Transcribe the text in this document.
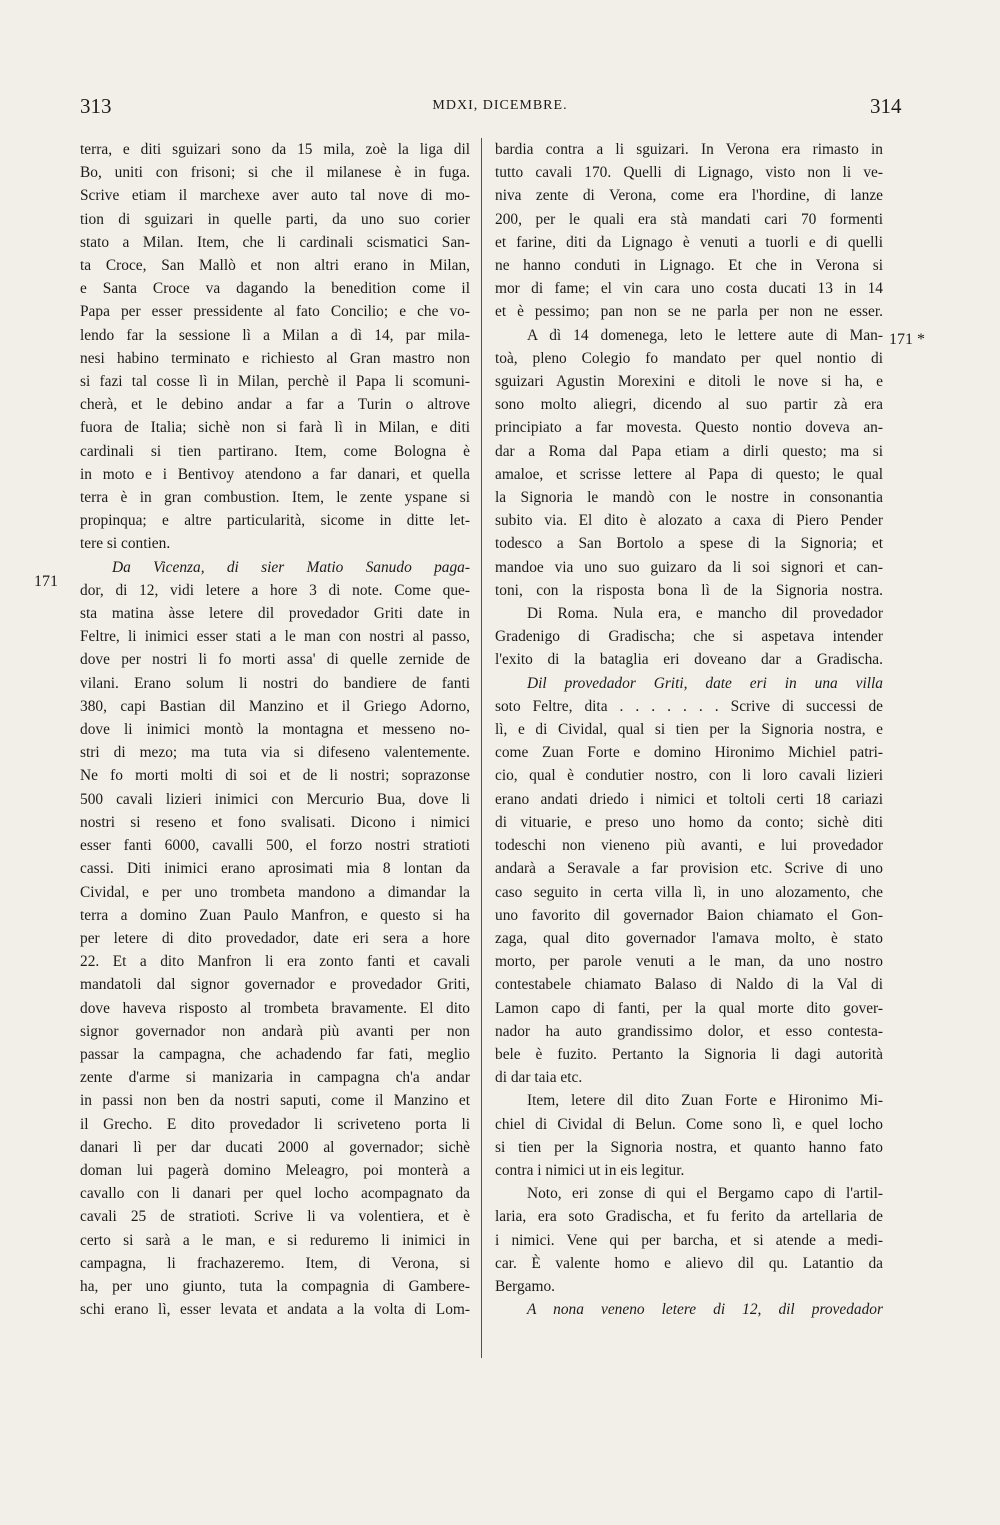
313	MDXI, DICEMBRE.	314
171
171 *
terra, e diti sguizari sono da 15 mila, zoè la liga dil
Bo, uniti con frisoni; si che il milanese è in fuga.
Scrive etiam il marchexe aver auto tal nove di mo-
tion di sguizari in quelle parti, da uno suo corier
stato a Milan. Item, che li cardinali scismatici San-
ta Croce, San Mallò et non altri erano in Milan,
e Santa Croce va dagando la benedition come il
Papa per esser pressidente al fato Concilio; e che vo-
lendo far la sessione lì a Milan a dì 14, par mila-
nesi habino terminato e richiesto al Gran mastro non
si fazi tal cosse lì in Milan, perchè il Papa li scomuni-
cherà, et le debino andar a far a Turin o altrove
fuora de Italia; sichè non si farà lì in Milan, e diti
cardinali si tien partirano. Item, come Bologna è
in moto e i Bentivoy atendono a far danari, et quella
terra è in gran combustion. Item, le zente yspane si
propinqua; e altre particularità, sicome in ditte let-
tere si contien.
Da Vicenza, di sier Matio Sanudo paga-
dor, di 12, vidi letere a hore 3 di note. Come que-
sta matina àsse letere dil provedador Griti date in
Feltre, li inimici esser stati a le man con nostri al passo,
dove per nostri li fo morti assa' di quelle zernide de
vilani. Erano solum li nostri do bandiere de fanti
380, capi Bastian dil Manzino et il Griego Adorno,
dove li inimici montò la montagna et messeno no-
stri di mezo; ma tuta via si difeseno valentemente.
Ne fo morti molti di soi et de li nostri; soprazonse
500 cavali lizieri inimici con Mercurio Bua, dove li
nostri si reseno et fono svalisati. Dicono i nimici
esser fanti 6000, cavalli 500, el forzo nostri stratioti
cassi. Diti inimici erano aprosimati mia 8 lontan da
Cividal, e per uno trombeta mandono a dimandar la
terra a domino Zuan Paulo Manfron, e questo si ha
per letere di dito provedador, date eri sera a hore
22. Et a dito Manfron li era zonto fanti et cavali
mandatoli dal signor governador e provedador Griti,
dove haveva risposto al trombeta bravamente. El dito
signor governador non andarà più avanti per non
passar la campagna, che achadendo far fati, meglio
zente d'arme si manizaria in campagna ch'a andar
in passi non ben da nostri saputi, come il Manzino et
il Grecho. E dito provedador li scriveteno porta li
danari lì per dar ducati 2000 al governador; sichè
doman lui pagerà domino Meleagro, poi monterà a
cavallo con li danari per quel locho acompagnato da
cavali 25 de stratioti. Scrive li va volentiera, et è
certo si sarà a le man, e si reduremo li inimici in
campagna, li frachazeremo. Item, di Verona, si
ha, per uno giunto, tuta la compagnia di Gamberе-
schi erano lì, esser levata et andata a la volta di Lom-
bardia contra a li sguizari. In Verona era rimasto in
tutto cavali 170. Quelli di Lignago, visto non li ve-
niva zente di Verona, come era l'hordine, di lanze
200, per le quali era stà mandati cari 70 formenti
et farine, diti da Lignago è venuti a tuorli e di quelli
ne hanno conduti in Lignago. Et che in Verona si
mor di fame; el vin cara uno costa ducati 13 in 14
et è pessimo; pan non se ne parla per non ne esser.
A dì 14 domenega, leto le lettere aute di Man-
toà, pleno Colegio fo mandato per quel nontio di
sguizari Agustin Morexini e ditoli le nove si ha, e
sono molto aliegri, dicendo al suo partir zà era
principiato a far movesta. Questo nontio doveva an-
dar a Roma dal Papa etiam a dirli questo; ma si
amaloe, et scrisse lettere al Papa di questo; le qual
la Signoria le mandò con le nostre in consonantia
subito via. El dito è alozato a caxa di Piero Pender
todesco a San Bortolo a spese di la Signoria; et
mandoe via uno suo guizaro da li soi signori et can-
toni, con la risposta bona lì de la Signoria nostra.
Di Roma. Nula era, e mancho dil provedador
Gradenigo di Gradischa; che si aspetava intender
l'exito di la bataglia eri doveano dar a Gradischa.
Dil provedador Griti, date eri in una villa
soto Feltre, dita . . . . . . . Scrive di successi de
lì, e di Cividal, qual si tien per la Signoria nostra, e
come Zuan Forte e domino Hironimo Michiel patri-
cio, qual è condutier nostro, con li loro cavali lizieri
erano andati driedo i nimici et toltoli certi 18 cariazi
di vituarie, e preso uno homo da conto; sichè diti
todeschi non vieneno più avanti, e lui provedador
andarà a Seravale a far provision etc. Scrive di uno
caso seguito in certa villa lì, in uno alozamento, che
uno favorito dil governador Baion chiamato el Gon-
zaga, qual dito governador l'amava molto, è stato
morto, per parole venuti a le man, da uno nostro
contestabele chiamato Balaso di Naldo di la Val di
Lamon capo di fanti, per la qual morte dito gover-
nador ha auto grandissimo dolor, et esso contesta-
bele è fuzito. Pertanto la Signoria li dagi autorità
di dar taia etc.
Item, letere dil dito Zuan Forte e Hironimo Mi-
chiel di Cividal di Belun. Come sono lì, e quel locho
si tien per la Signoria nostra, et quanto hanno fato
contra i nimici ut in eis legitur.
Noto, eri zonse di qui el Bergamo capo di l'artil-
laria, era soto Gradischa, et fu ferito da artellaria de
i nimici. Vene qui per barcha, et si atende a medi-
car. È valente homo e alievo dil qu. Latantio da
Bergamo.
A nona veneno letere di 12, dil provedador
